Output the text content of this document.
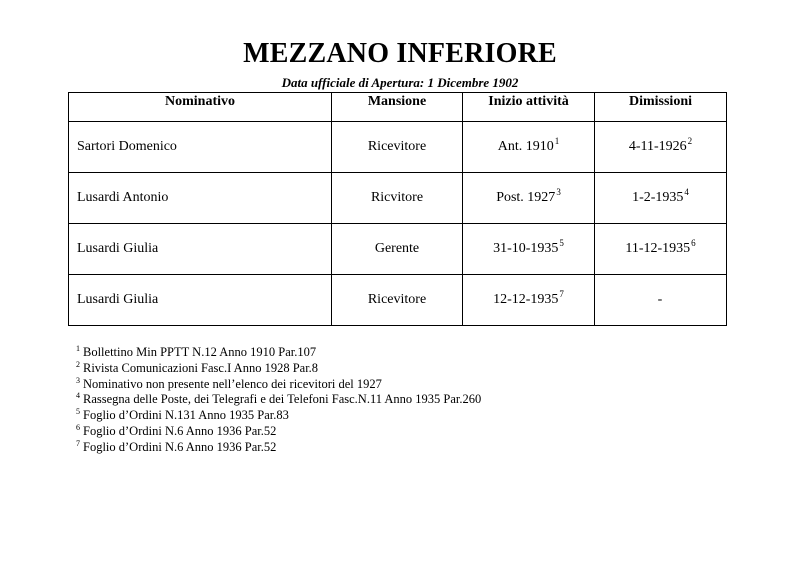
MEZZANO INFERIORE
Data ufficiale di Apertura: 1 Dicembre 1902
Nominativo	Mansione	Inizio attività	Dimissioni
Sartori Domenico	Ricevitore	Ant. 1910$^1$	4-11-1926$^2$
Lusardi Antonio	Ricvitore	Post. 1927$^3$	1-2-1935$^4$
Lusardi Giulia	Gerente	31-10-1935$^5$	11-12-1935$^6$
Lusardi Giulia	Ricevitore	12-12-1935$^7$	-
$^1$ Bollettino Min PPTT N.12 Anno 1910 Par.107
$^2$ Rivista Comunicazioni Fasc.I Anno 1928 Par.8
$^3$ Nominativo non presente nell’elenco dei ricevitori del 1927
$^4$ Rassegna delle Poste, dei Telegrafi e dei Telefoni Fasc.N.11 Anno 1935 Par.260
$^5$ Foglio d’Ordini N.131 Anno 1935 Par.83
$^6$ Foglio d’Ordini N.6 Anno 1936 Par.52
$^7$ Foglio d’Ordini N.6 Anno 1936 Par.52
